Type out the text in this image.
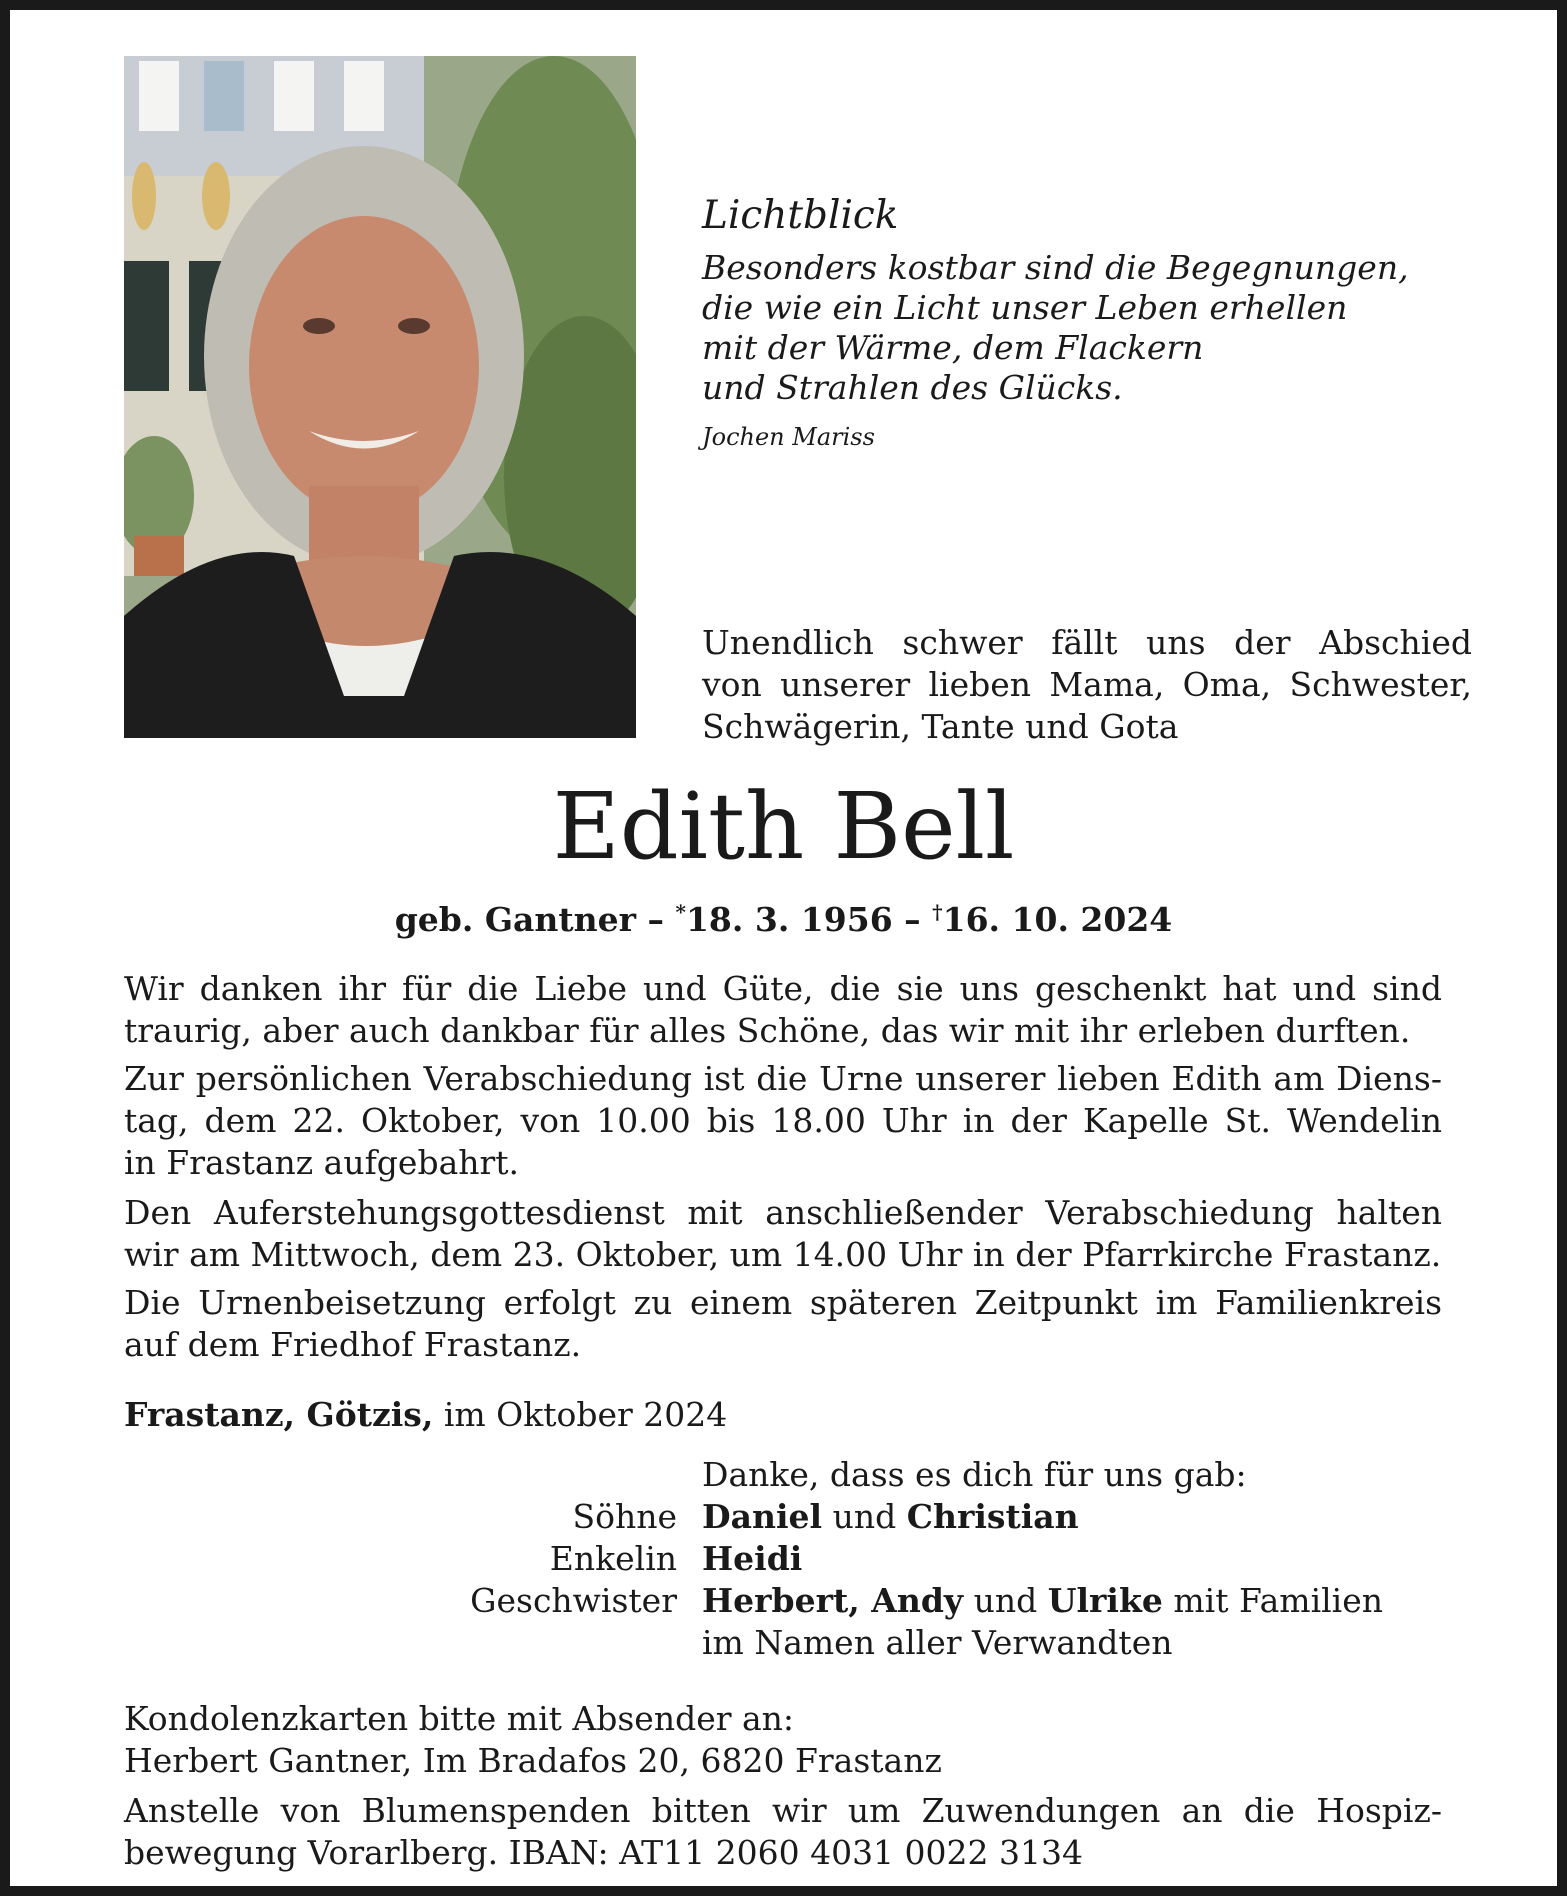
Lichtblick
Besonders kostbar sind die Begegnungen,
die wie ein Licht unser Leben erhellen
mit der Wärme, dem Flackern
und Strahlen des Glücks.
Jochen Mariss
Unendlich schwer fällt uns der Abschied
von unserer lieben Mama, Oma, Schwester,
Schwägerin, Tante und Gota
Edith Bell
geb. Gantner – *18. 3. 1956 – †16. 10. 2024
Wir danken ihr für die Liebe und Güte, die sie uns geschenkt hat und sind
traurig, aber auch dankbar für alles Schöne, das wir mit ihr erleben durften.
Zur persönlichen Verabschiedung ist die Urne unserer lieben Edith am Diens-
tag, dem 22. Oktober, von 10.00 bis 18.00 Uhr in der Kapelle St. Wendelin
in Frastanz aufgebahrt.
Den Auferstehungsgottesdienst mit anschließender Verabschiedung halten
wir am Mittwoch, dem 23. Oktober, um 14.00 Uhr in der Pfarrkirche Frastanz.
Die Urnenbeisetzung erfolgt zu einem späteren Zeitpunkt im Familienkreis
auf dem Friedhof Frastanz.
Frastanz, Götzis, im Oktober 2024
Danke, dass es dich für uns gab:
Söhne Daniel und Christian
Enkelin Heidi
Geschwister Herbert, Andy und Ulrike mit Familien
im Namen aller Verwandten
Kondolenzkarten bitte mit Absender an:
Herbert Gantner, Im Bradafos 20, 6820 Frastanz
Anstelle von Blumenspenden bitten wir um Zuwendungen an die Hospiz-
bewegung Vorarlberg. IBAN: AT11 2060 4031 0022 3134
